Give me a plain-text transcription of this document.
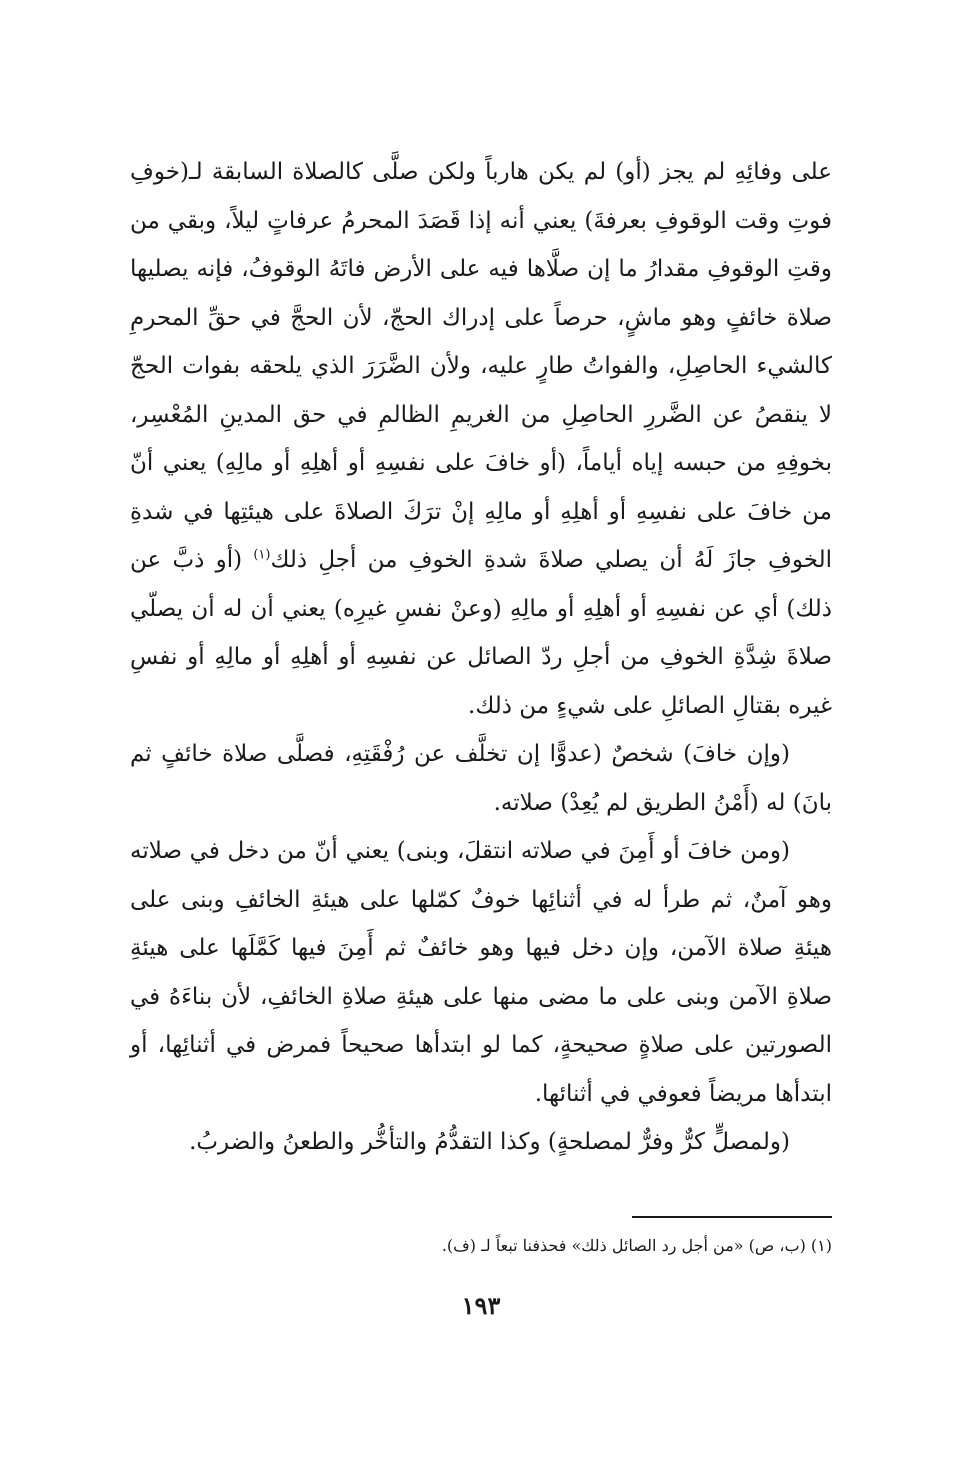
على وفائِهِ لم يجز (أو) لم يكن هارباً ولكن صلَّى كالصلاة السابقة لـ(خوفِ فوتِ وقت الوقوفِ بعرفةَ) يعني أنه إذا قَصَدَ المحرمُ عرفاتٍ ليلاً، وبقي من وقتِ الوقوفِ مقدارُ ما إن صلَّاها فيه على الأرض فاتَهُ الوقوفُ، فإنه يصليها صلاة خائفٍ وهو ماشٍ، حرصاً على إدراك الحجّ، لأن الحجَّ في حقِّ المحرمِ كالشيء الحاصِلِ، والفواتُ طارٍ عليه، ولأن الضَّرَرَ الذي يلحقه بفوات الحجّ لا ينقصُ عن الضَّررِ الحاصِلِ من الغريمِ الظالمِ في حق المدينِ المُعْسِر، بخوفِهِ من حبسه إياه أياماً، (أو خافَ على نفسِهِ أو أهلِهِ أو مالِهِ) يعني أنّ من خافَ على نفسِهِ أو أهلِهِ أو مالِهِ إنْ ترَكَ الصلاةَ على هيئتِها في شدةِ الخوفِ جازَ لَهُ أن يصلي صلاةَ شدةِ الخوفِ من أجلِ ذلك$^{(١)}$ (أو ذبَّ عن ذلك) أي عن نفسِهِ أو أهلِهِ أو مالِهِ (وعنْ نفسِ غيرِه) يعني أن له أن يصلّي صلاةَ شِدَّةِ الخوفِ من أجلِ ردّ الصائل عن نفسِهِ أو أهلِهِ أو مالِهِ أو نفسِ غيره بقتالِ الصائلِ على شيءٍ من ذلك.

(وإن خافَ) شخصٌ (عدوًّا إن تخلَّف عن رُفْقَتِهِ، فصلَّى صلاة خائفٍ ثم بانَ) له (أَمْنُ الطريق لم يُعِدْ) صلاته.

(ومن خافَ أو أَمِنَ في صلاته انتقلَ، وبنى) يعني أنّ من دخل في صلاته وهو آمنٌ، ثم طرأ له في أثنائِها خوفٌ كمّلها على هيئةِ الخائفِ وبنى على هيئةِ صلاة الآمن، وإن دخل فيها وهو خائفٌ ثم أَمِنَ فيها كَمَّلَها على هيئةِ صلاةِ الآمن وبنى على ما مضى منها على هيئةِ صلاةِ الخائفِ، لأن بناءَهُ في الصورتين على صلاةٍ صحيحةٍ، كما لو ابتدأها صحيحاً فمرض في أثنائِها، أو ابتدأها مريضاً فعوفي في أثنائها.

(ولمصلٍّ كرٌّ وفرٌّ لمصلحةٍ) وكذا التقدُّمُ والتأخُّر والطعنُ والضربُ.

(١) (ب، ص) «من أجل رد الصائل ذلك» فحذفنا تبعاً لـ (ف).
١٩٣
